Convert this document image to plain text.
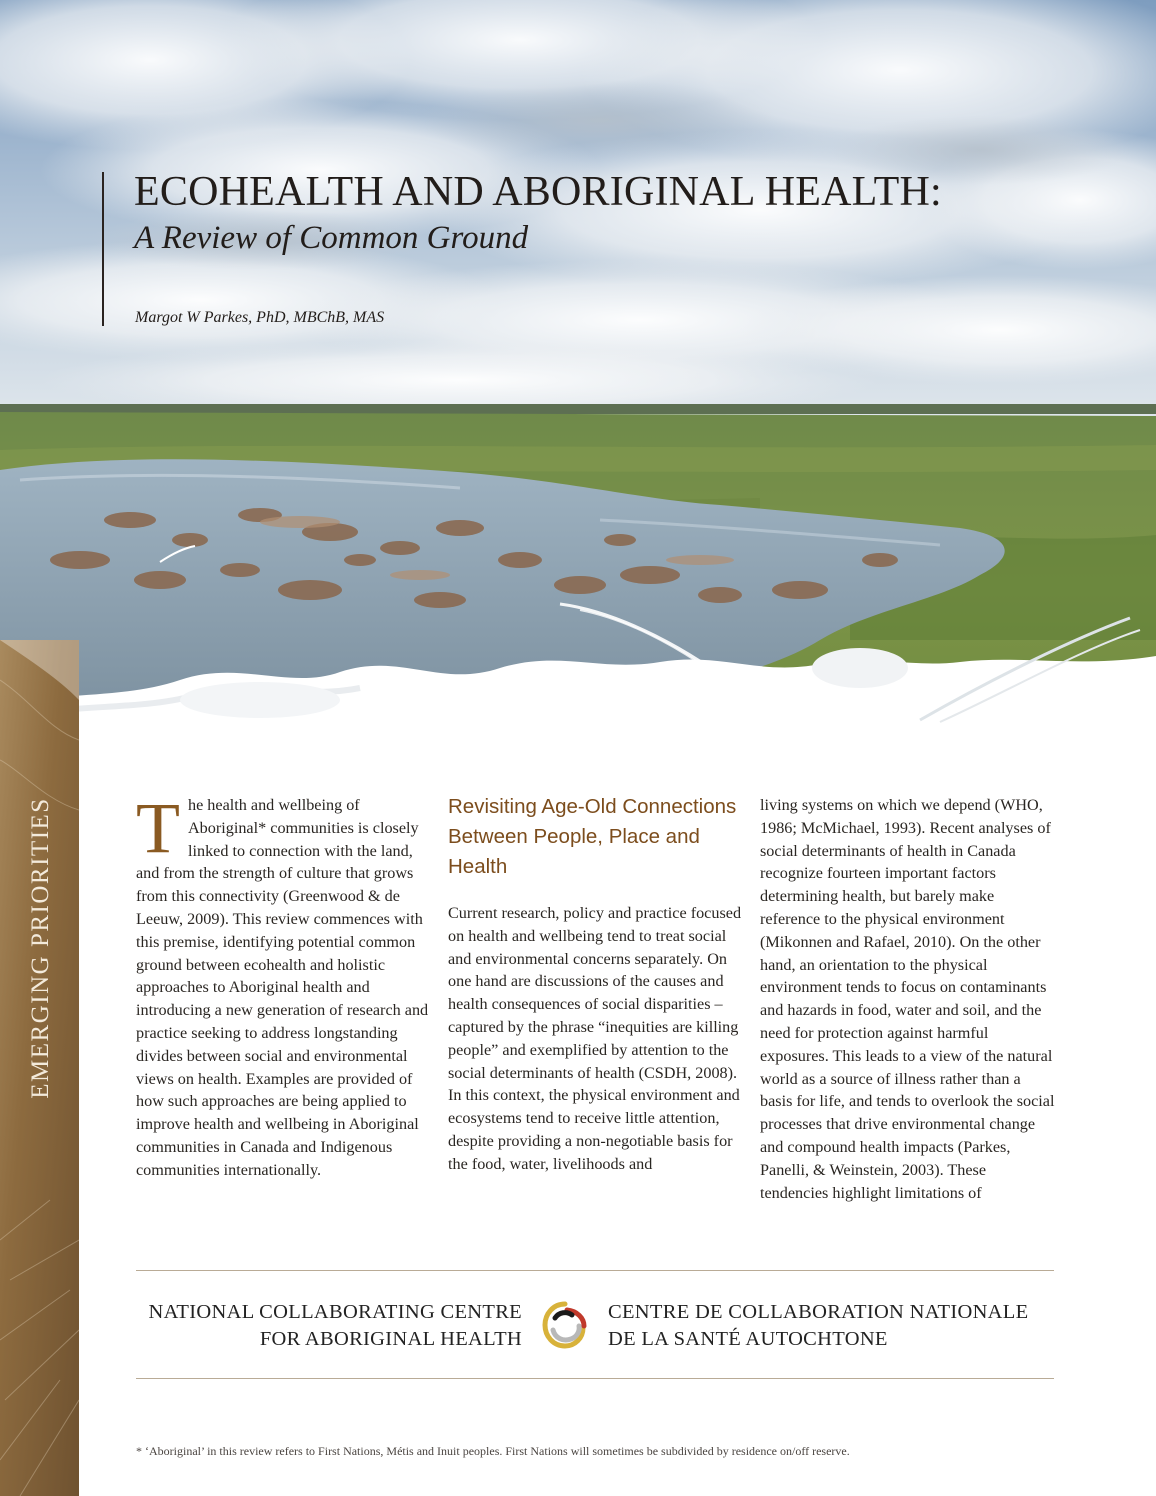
ECOHEALTH AND ABORIGINAL HEALTH:
A Review of Common Ground
Margot W Parkes, PhD, MBChB, MAS
EMERGING PRIORITIES The health and wellbeing of Aboriginal* communities is closely linked to connection with the land, and from the strength of culture that grows from this connectivity (Greenwood & de Leeuw, 2009). This review commences with this premise, identifying potential common ground between ecohealth and holistic approaches to Aboriginal health and introducing a new generation of research and practice seeking to address longstanding divides between social and environmental views on health. Examples are provided of how such approaches are being applied to improve health and wellbeing in Aboriginal communities in Canada and Indigenous communities internationally.

Revisiting Age-Old Connections Between People, Place and Health

Current research, policy and practice focused on health and wellbeing tend to treat social and environmental concerns separately. On one hand are discussions of the causes and health consequences of social disparities – captured by the phrase “inequities are killing people” and exemplified by attention to the social determinants of health (CSDH, 2008). In this context, the physical environment and ecosystems tend to receive little attention, despite providing a non-negotiable basis for the food, water, livelihoods and

living systems on which we depend (WHO, 1986; McMichael, 1993). Recent analyses of social determinants of health in Canada recognize fourteen important factors determining health, but barely make reference to the physical environment (Mikonnen and Rafael, 2010). On the other hand, an orientation to the physical environment tends to focus on contaminants and hazards in food, water and soil, and the need for protection against harmful exposures. This leads to a view of the natural world as a source of illness rather than a basis for life, and tends to overlook the social processes that drive environmental change and compound health impacts (Parkes, Panelli, & Weinstein, 2003). These tendencies highlight limitations of

NATIONAL COLLABORATING CENTRE
FOR ABORIGINAL HEALTH
CENTRE DE COLLABORATION NATIONALE
DE LA SANTÉ AUTOCHTONE
* ‘Aboriginal’ in this review refers to First Nations, Métis and Inuit peoples. First Nations will sometimes be subdivided by residence on/off reserve.
